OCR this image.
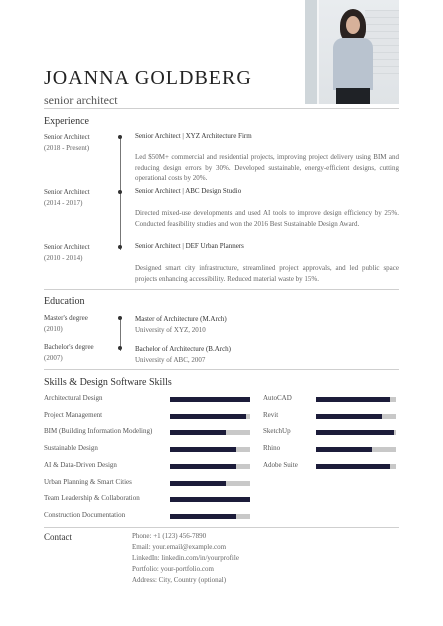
JOANNA GOLDBERG
senior architect
Experience
Senior Architect
(2018 - Present)
Senior Architect | XYZ Architecture Firm
Led $50M+ commercial and residential projects, improving project delivery using BIM and reducing design errors by 30%. Developed sustainable, energy-efficient designs, cutting operational costs by 20%.
Senior Architect
(2014 - 2017)
Senior Architect | ABC Design Studio
Directed mixed-use developments and used AI tools to improve design efficiency by 25%. Conducted feasibility studies and won the 2016 Best Sustainable Design Award.
Senior Architect
(2010 - 2014)
Senior Architect | DEF Urban Planners
Designed smart city infrastructure, streamlined project approvals, and led public space projects enhancing accessibility. Reduced material waste by 15%.
Education
Master's degree
(2010)
Master of Architecture (M.Arch)
University of XYZ, 2010
Bachelor's degree
(2007)
Bachelor of Architecture (B.Arch)
University of ABC, 2007
Skills & Design Software Skills
Architectural Design
Project Management
BIM (Building Information Modeling)
Sustainable Design
AI & Data-Driven Design
Urban Planning & Smart Cities
Team Leadership & Collaboration
Construction Documentation
AutoCAD
Revit
SketchUp
Rhino
Adobe Suite
Contact	Phone: +1 (123) 456-7890
Email: your.email@example.com
LinkedIn: linkedin.com/in/yourprofile
Portfolio: your-portfolio.com
Address: City, Country (optional)
